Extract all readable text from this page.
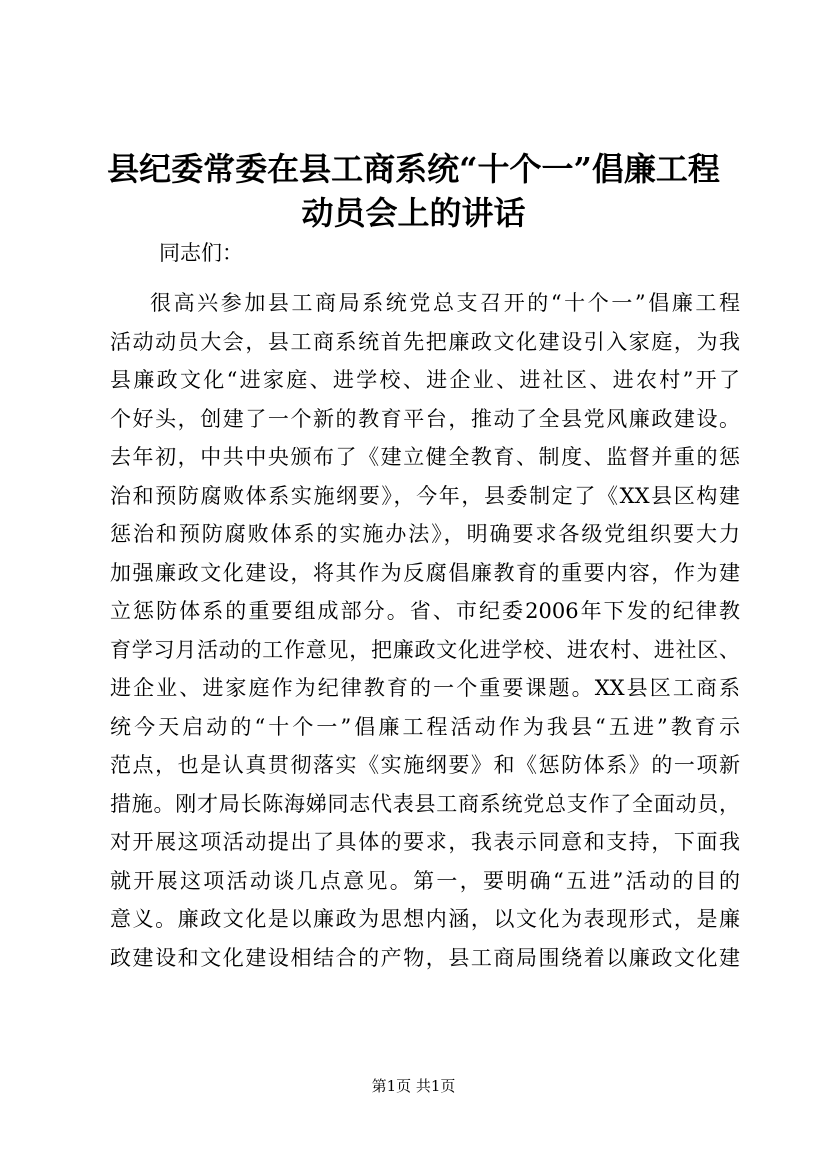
县纪委常委在县工商系统“十个一”倡廉工程
动员会上的讲话

同志们：

很高兴参加县工商局系统党总支召开的“十个一”倡廉工程
活动动员大会，县工商系统首先把廉政文化建设引入家庭，为我
县廉政文化“进家庭、进学校、进企业、进社区、进农村”开了
个好头，创建了一个新的教育平台，推动了全县党风廉政建设。
去年初，中共中央颁布了《建立健全教育、制度、监督并重的惩
治和预防腐败体系实施纲要》，今年，县委制定了《XX县区构建
惩治和预防腐败体系的实施办法》，明确要求各级党组织要大力
加强廉政文化建设，将其作为反腐倡廉教育的重要内容，作为建
立惩防体系的重要组成部分。省、市纪委2006年下发的纪律教
育学习月活动的工作意见，把廉政文化进学校、进农村、进社区、
进企业、进家庭作为纪律教育的一个重要课题。XX县区工商系
统今天启动的“十个一”倡廉工程活动作为我县“五进”教育示
范点，也是认真贯彻落实《实施纲要》和《惩防体系》的一项新
措施。刚才局长陈海娣同志代表县工商系统党总支作了全面动员，
对开展这项活动提出了具体的要求，我表示同意和支持，下面我
就开展这项活动谈几点意见。第一，要明确“五进”活动的目的
意义。廉政文化是以廉政为思想内涵，以文化为表现形式，是廉
政建设和文化建设相结合的产物，县工商局围绕着以廉政文化建
第1页 共1页
